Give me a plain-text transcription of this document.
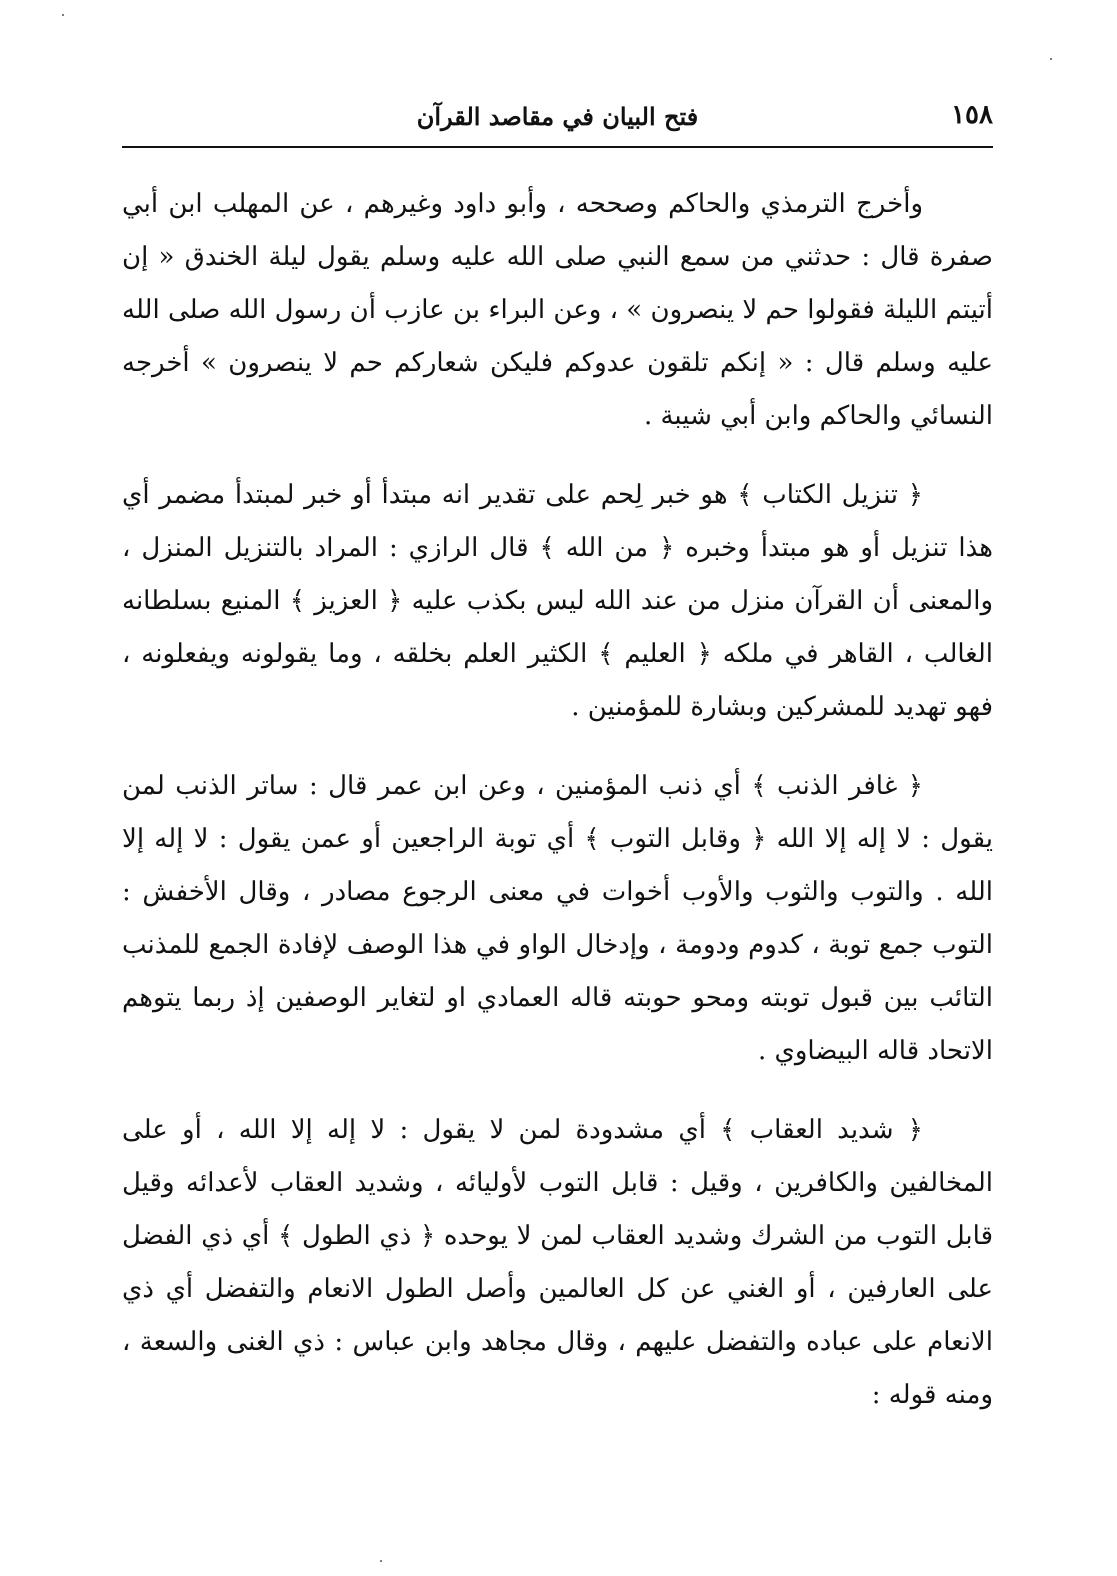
١٥٨
فتح البيان في مقاصد القرآن

وأخرج الترمذي والحاكم وصححه ، وأبو داود وغيرهم ، عن المهلب ابن أبي صفرة قال : حدثني من سمع النبي صلى الله عليه وسلم يقول ليلة الخندق « إن أتيتم الليلة فقولوا حم لا ينصرون » ، وعن البراء بن عازب أن رسول الله صلى الله عليه وسلم قال : « إنكم تلقون عدوكم فليكن شعاركم حم لا ينصرون » أخرجه النسائي والحاكم وابن أبي شيبة .

﴿ تنزيل الكتاب ﴾ هو خبر لِحم على تقدير انه مبتدأ أو خبر لمبتدأ مضمر أي هذا تنزيل أو هو مبتدأ وخبره ﴿ من الله ﴾ قال الرازي : المراد بالتنزيل المنزل ، والمعنى أن القرآن منزل من عند الله ليس بكذب عليه ﴿ العزيز ﴾ المنيع بسلطانه الغالب ، القاهر في ملكه ﴿ العليم ﴾ الكثير العلم بخلقه ، وما يقولونه ويفعلونه ، فهو تهديد للمشركين وبشارة للمؤمنين .

﴿ غافر الذنب ﴾ أي ذنب المؤمنين ، وعن ابن عمر قال : ساتر الذنب لمن يقول : لا إله إلا الله ﴿ وقابل التوب ﴾ أي توبة الراجعين أو عمن يقول : لا إله إلا الله . والتوب والثوب والأوب أخوات في معنى الرجوع مصادر ، وقال الأخفش : التوب جمع توبة ، كدوم ودومة ، وإدخال الواو في هذا الوصف لإفادة الجمع للمذنب التائب بين قبول توبته ومحو حوبته قاله العمادي او لتغاير الوصفين إذ ربما يتوهم الاتحاد قاله البيضاوي .

﴿ شديد العقاب ﴾ أي مشدودة لمن لا يقول : لا إله إلا الله ، أو على المخالفين والكافرين ، وقيل : قابل التوب لأوليائه ، وشديد العقاب لأعدائه وقيل قابل التوب من الشرك وشديد العقاب لمن لا يوحده ﴿ ذي الطول ﴾ أي ذي الفضل على العارفين ، أو الغني عن كل العالمين وأصل الطول الانعام والتفضل أي ذي الانعام على عباده والتفضل عليهم ، وقال مجاهد وابن عباس : ذي الغنى والسعة ، ومنه قوله :
